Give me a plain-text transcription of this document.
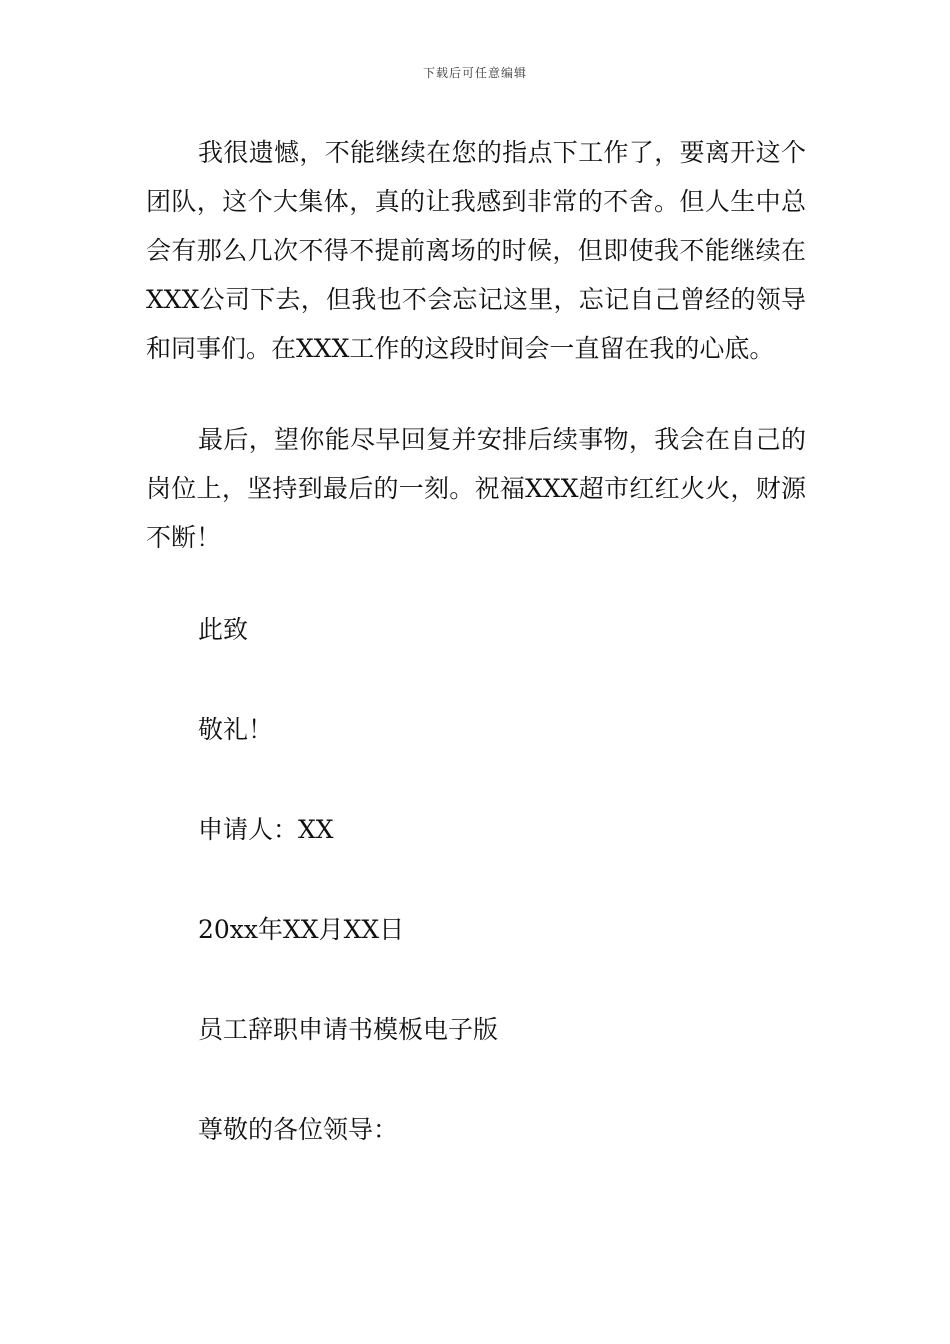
下载后可任意编辑

我很遗憾，不能继续在您的指点下工作了，要离开这个团队，这个大集体，真的让我感到非常的不舍。但人生中总会有那么几次不得不提前离场的时候，但即使我不能继续在XXX公司下去，但我也不会忘记这里，忘记自己曾经的领导和同事们。在XXX工作的这段时间会一直留在我的心底。

最后，望你能尽早回复并安排后续事物，我会在自己的岗位上，坚持到最后的一刻。祝福XXX超市红红火火，财源不断！

此致

敬礼！

申请人：XX

20xx年XX月XX日

员工辞职申请书模板电子版

尊敬的各位领导：
